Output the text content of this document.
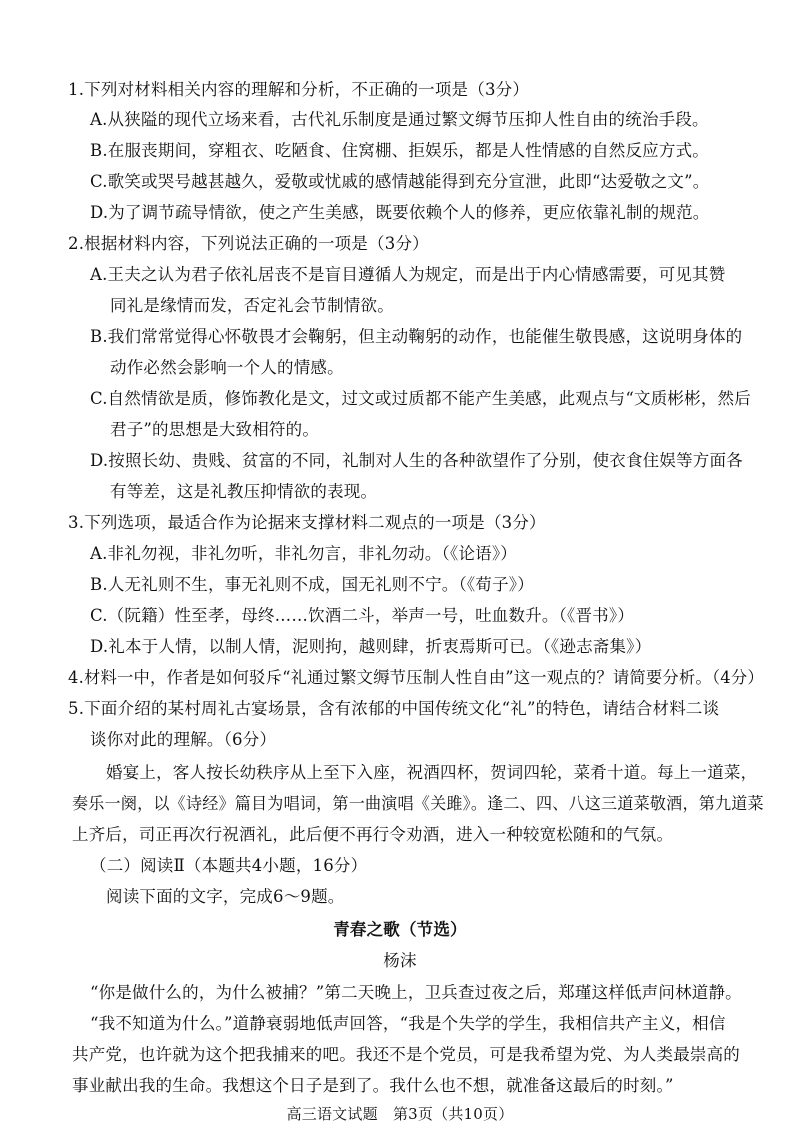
1.下列对材料相关内容的理解和分析，不正确的一项是（3分）
A.从狭隘的现代立场来看，古代礼乐制度是通过繁文缛节压抑人性自由的统治手段。
B.在服丧期间，穿粗衣、吃陋食、住窝棚、拒娱乐，都是人性情感的自然反应方式。
C.歌笑或哭号越甚越久，爱敬或忧戚的感情越能得到充分宣泄，此即“达爱敬之文”。
D.为了调节疏导情欲，使之产生美感，既要依赖个人的修养，更应依靠礼制的规范。
2.根据材料内容，下列说法正确的一项是（3分）
A.王夫之认为君子依礼居丧不是盲目遵循人为规定，而是出于内心情感需要，可见其赞
同礼是缘情而发，否定礼会节制情欲。
B.我们常常觉得心怀敬畏才会鞠躬，但主动鞠躬的动作，也能催生敬畏感，这说明身体的
动作必然会影响一个人的情感。
C.自然情欲是质，修饰教化是文，过文或过质都不能产生美感，此观点与“文质彬彬，然后
君子”的思想是大致相符的。
D.按照长幼、贵贱、贫富的不同，礼制对人生的各种欲望作了分别，使衣食住娱等方面各
有等差，这是礼教压抑情欲的表现。
3.下列选项，最适合作为论据来支撑材料二观点的一项是（3分）
A.非礼勿视，非礼勿听，非礼勿言，非礼勿动。（《论语》）
B.人无礼则不生，事无礼则不成，国无礼则不宁。（《荀子》）
C.（阮籍）性至孝，母终……饮酒二斗，举声一号，吐血数升。（《晋书》）
D.礼本于人情，以制人情，泥则拘，越则肆，折衷焉斯可已。（《逊志斋集》）
4.材料一中，作者是如何驳斥“礼通过繁文缛节压制人性自由”这一观点的？请简要分析。（4分）
5.下面介绍的某村周礼古宴场景，含有浓郁的中国传统文化“礼”的特色，请结合材料二谈
谈你对此的理解。（6分）
婚宴上，客人按长幼秩序从上至下入座，祝酒四杯，贺词四轮，菜肴十道。每上一道菜，
奏乐一阕，以《诗经》篇目为唱词，第一曲演唱《关雎》。逢二、四、八这三道菜敬酒，第九道菜
上齐后，司正再次行祝酒礼，此后便不再行令劝酒，进入一种较宽松随和的气氛。
（二）阅读Ⅱ（本题共4小题，16分）
阅读下面的文字，完成6～9题。
青春之歌（节选）
杨沫
“你是做什么的，为什么被捕？”第二天晚上，卫兵查过夜之后，郑瑾这样低声问林道静。
“我不知道为什么。”道静衰弱地低声回答，“我是个失学的学生，我相信共产主义，相信
共产党，也许就为这个把我捕来的吧。我还不是个党员，可是我希望为党、为人类最崇高的
事业献出我的生命。我想这个日子是到了。我什么也不想，就准备这最后的时刻。”
高三语文试题　第3页（共10页）
